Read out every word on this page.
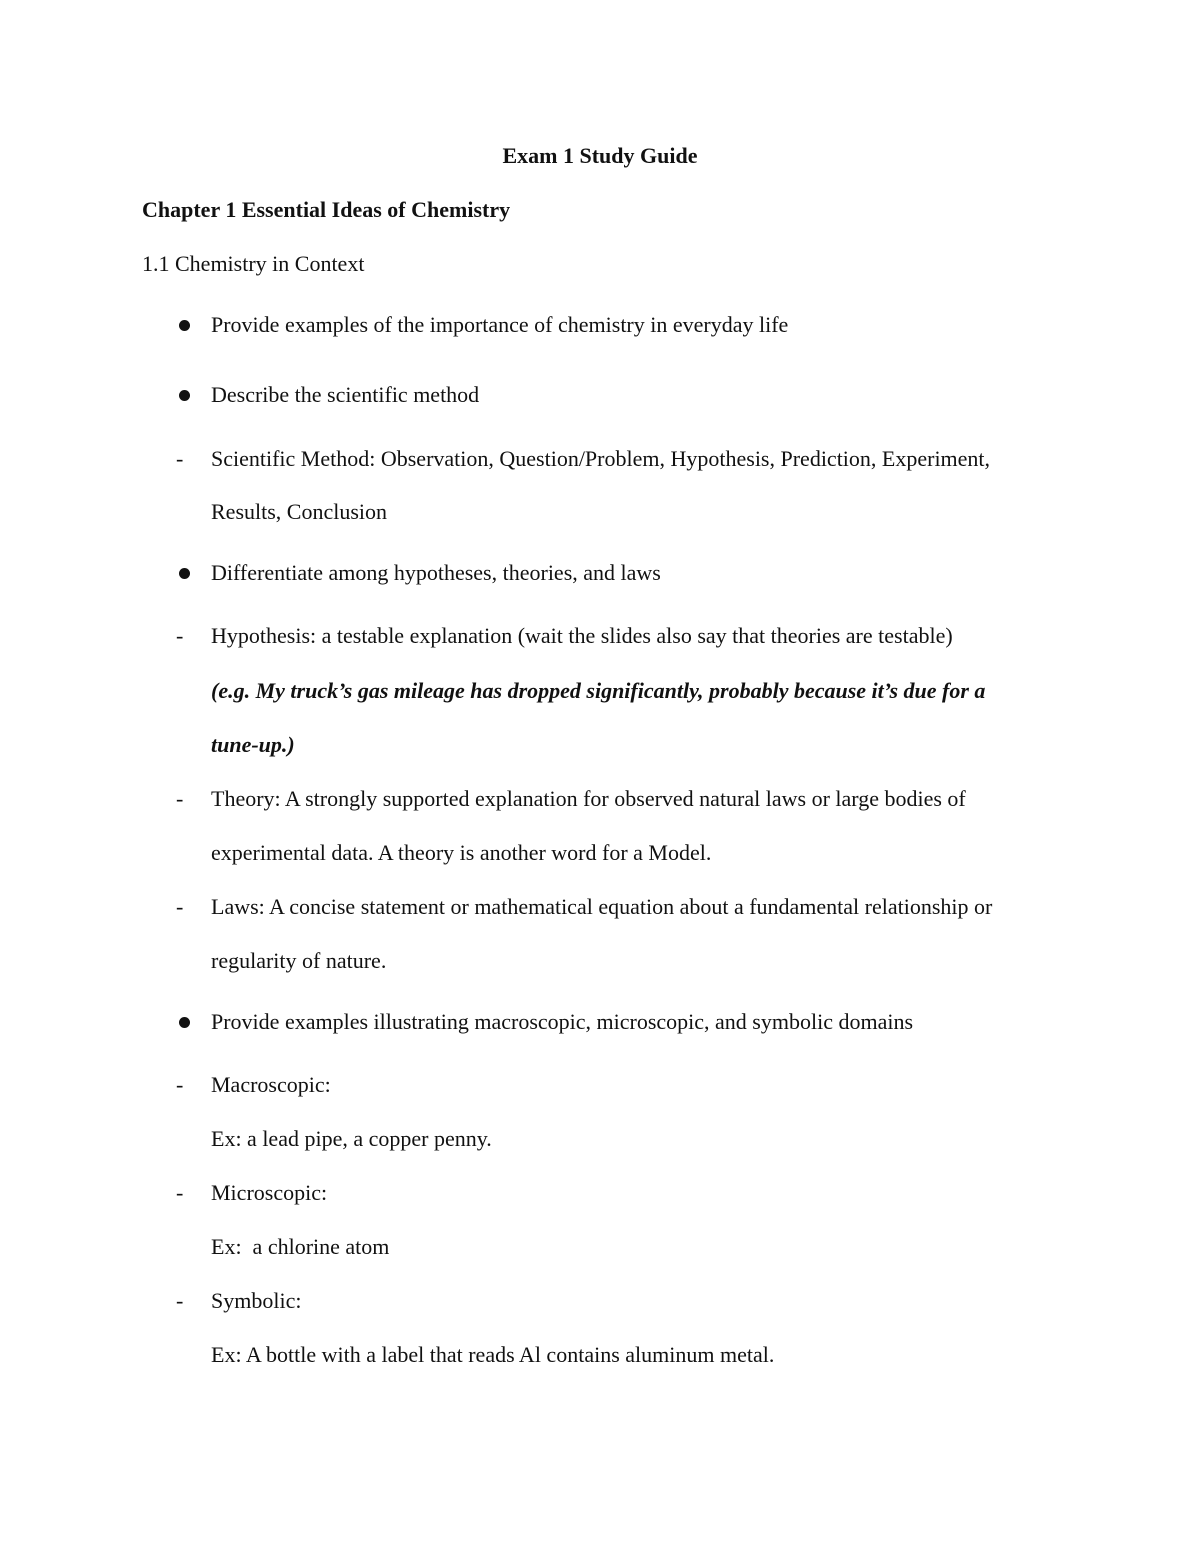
Exam 1 Study Guide
Chapter 1 Essential Ideas of Chemistry
1.1 Chemistry in Context
Provide examples of the importance of chemistry in everyday life
Describe the scientific method
- Scientific Method: Observation, Question/Problem, Hypothesis, Prediction, Experiment,
Results, Conclusion
Differentiate among hypotheses, theories, and laws
- Hypothesis: a testable explanation (wait the slides also say that theories are testable)
(e.g. My truck’s gas mileage has dropped significantly, probably because it’s due for a
tune-up.)
- Theory: A strongly supported explanation for observed natural laws or large bodies of
experimental data. A theory is another word for a Model.
- Laws: A concise statement or mathematical equation about a fundamental relationship or
regularity of nature.
Provide examples illustrating macroscopic, microscopic, and symbolic domains
- Macroscopic:
Ex: a lead pipe, a copper penny.
- Microscopic:
Ex:  a chlorine atom
- Symbolic:
Ex: A bottle with a label that reads Al contains aluminum metal.
